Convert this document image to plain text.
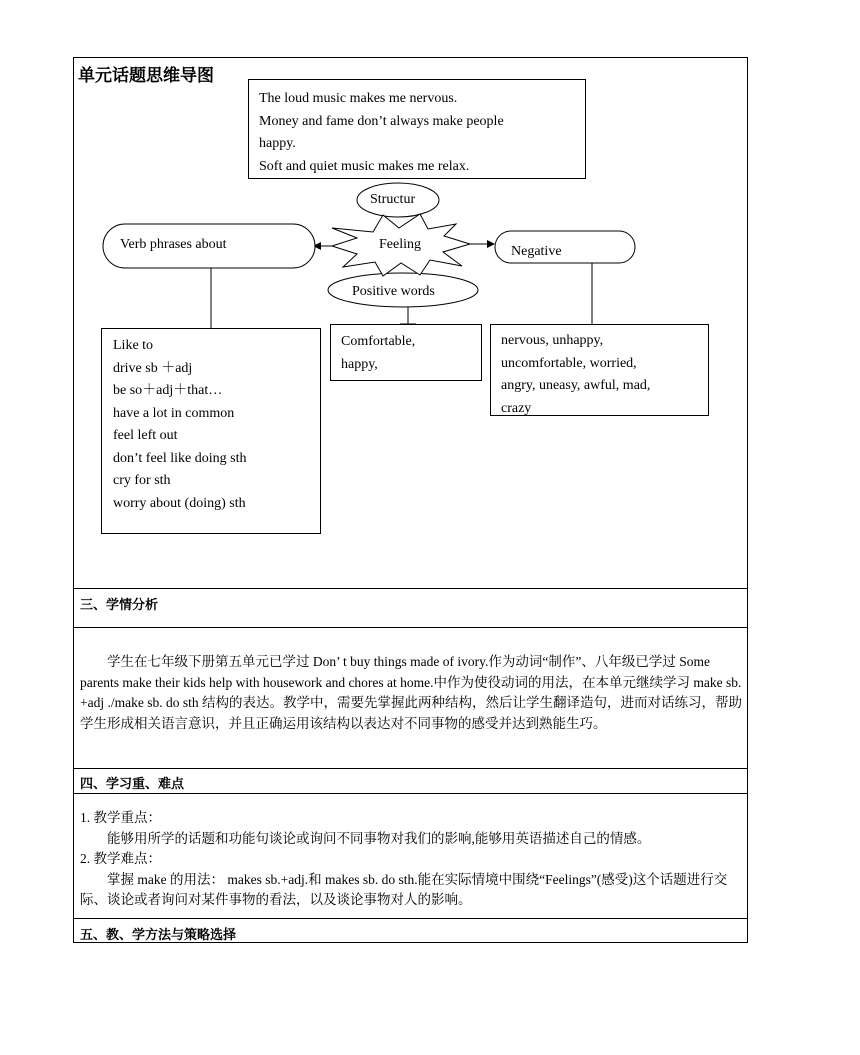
单元话题思维导图
Structur
Feeling
Verb phrases about	Negative
Positive words
The loud music makes me nervous.
Money and fame don’t always make people
happy.
Soft and quiet music makes me relax.
Like to
drive sb ＋adj
be so＋adj＋that…
have a lot in common
feel left out
don’t feel like doing sth
cry for sth
worry about (doing) sth
Comfortable,
happy,
nervous, unhappy,
uncomfortable, worried,
angry, uneasy, awful, mad,
crazy
三、学情分析
学生在七年级下册第五单元已学过 Don’ t buy things made of ivory.作为动词“制作”、八年级已学过 Some parents make their kids help with housework and chores at home.中作为使役动词的用法，在本单元继续学习 make sb. +adj ./make sb. do sth 结构的表达。教学中，需要先掌握此两种结构，然后让学生翻译造句，进而对话练习，帮助学生形成相关语言意识，并且正确运用该结构以表达对不同事物的感受并达到熟能生巧。
四、学习重、难点

1. 教学重点：

能够用所学的话题和功能句谈论或询问不同事物对我们的影响,能够用英语描述自己的情感。

2. 教学难点：

掌握 make 的用法： makes sb.+adj.和 makes sb. do sth.能在实际情境中围绕“Feelings”(感受)这个话题进行交际、谈论或者询问对某件事物的看法，以及谈论事物对人的影响。

五、教、学方法与策略选择
